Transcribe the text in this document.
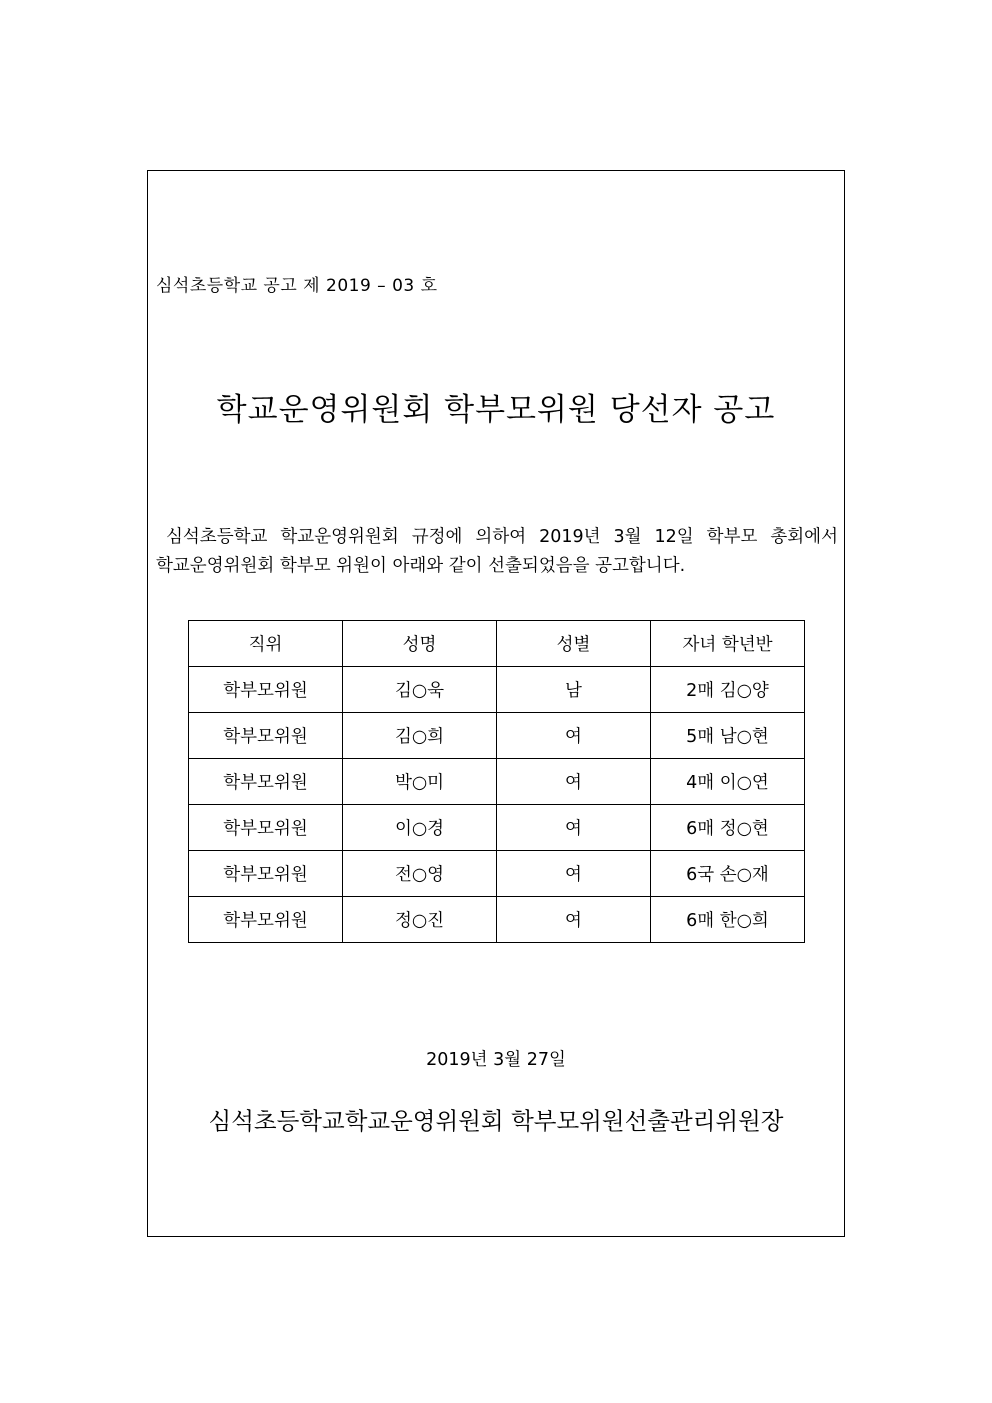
심석초등학교 공고 제 2019 – 03 호
학교운영위원회 학부모위원 당선자 공고
심석초등학교 학교운영위원회 규정에 의하여 2019년 3월 12일 학부모 총회에서
학교운영위원회 학부모 위원이 아래와 같이 선출되었음을 공고합니다.
직위	성명	성별	자녀 학년반
학부모위원	김○욱	남	2매 김○양
학부모위원	김○희	여	5매 남○현
학부모위원	박○미	여	4매 이○연
학부모위원	이○경	여	6매 정○현
학부모위원	전○영	여	6국 손○재
학부모위원	정○진	여	6매 한○희
2019년 3월 27일
심석초등학교학교운영위원회 학부모위원선출관리위원장
